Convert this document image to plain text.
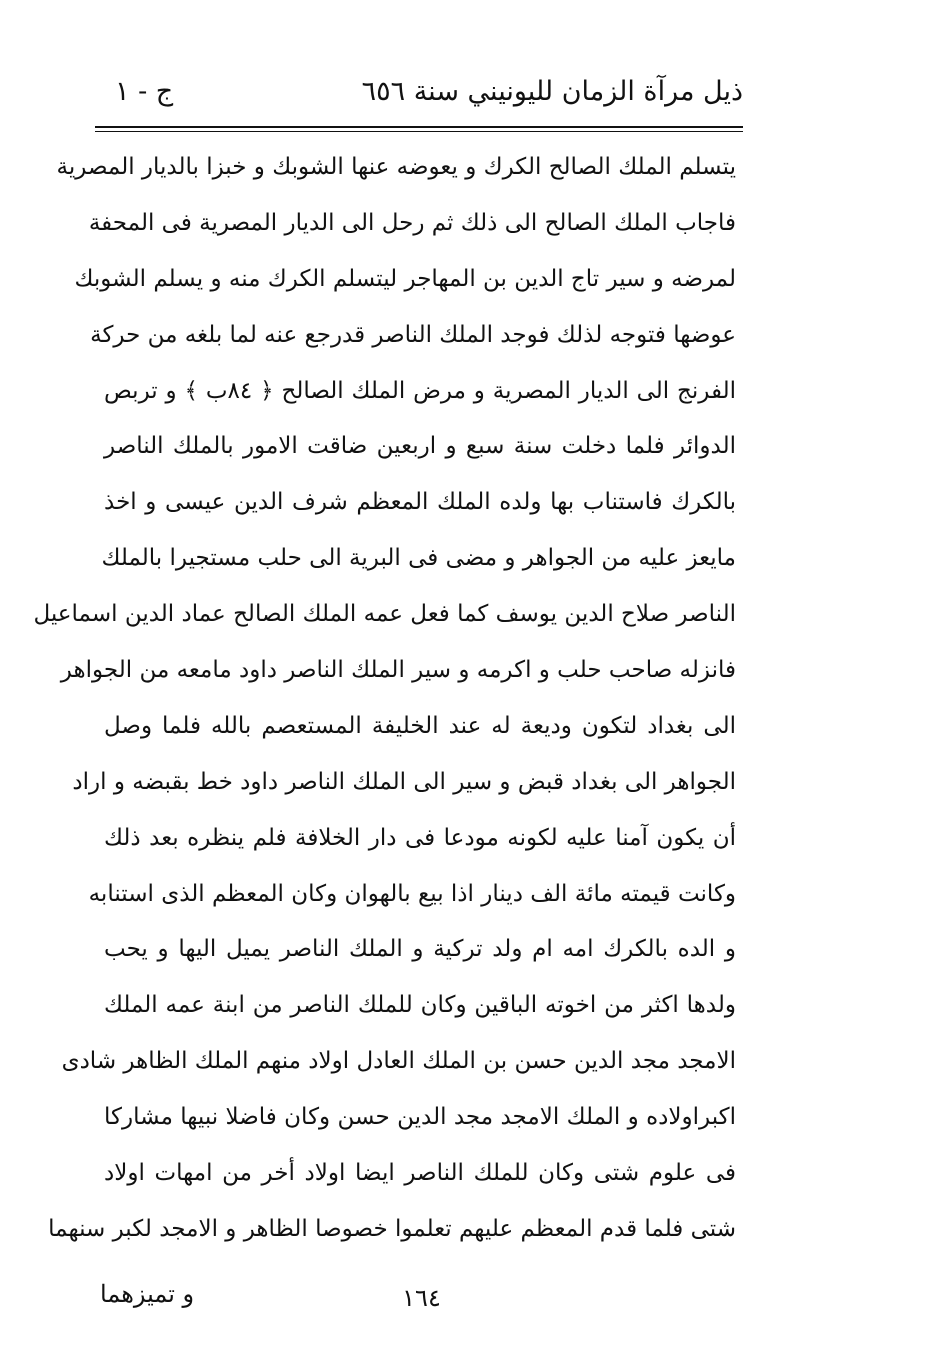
ذيل مرآة الزمان لليونيني سنة ٦٥٦
ج - ١
يتسلم الملك الصالح الكرك و يعوضه عنها الشوبك و خبزا بالديار المصرية
فاجاب الملك الصالح الى ذلك ثم رحل الى الديار المصرية فى المحفة
لمرضه و سير تاج الدين بن المهاجر ليتسلم الكرك منه و يسلم الشوبك
عوضها فتوجه لذلك فوجد الملك الناصر قدرجع عنه لما بلغه من حركة
الفرنج الى الديار المصرية و مرض الملك الصالح ﴿ ٨٤ب ﴾ و تربص
الدوائر فلما دخلت سنة سبع و اربعين ضاقت الامور بالملك الناصر
بالكرك فاستناب بها ولده الملك المعظم شرف الدين عيسى و اخذ
مايعز عليه من الجواهر و مضى فى البرية الى حلب مستجيرا بالملك
الناصر صلاح الدين يوسف كما فعل عمه الملك الصالح عماد الدين اسماعيل
فانزله صاحب حلب و اكرمه و سير الملك الناصر داود مامعه من الجواهر
الى بغداد لتكون وديعة له عند الخليفة المستعصم بالله فلما وصل
الجواهر الى بغداد قبض و سير الى الملك الناصر داود خط بقبضه و اراد
أن يكون آمنا عليه لكونه مودعا فى دار الخلافة فلم ينظره بعد ذلك
وكانت قيمته مائة الف دينار اذا بيع بالهوان وكان المعظم الذى استنابه
و الده بالكرك امه ام ولد تركية و الملك الناصر يميل اليها و يحب
ولدها اكثر من اخوته الباقين وكان للملك الناصر من ابنة عمه الملك
الامجد مجد الدين حسن بن الملك العادل اولاد منهم الملك الظاهر شادى
اكبراولاده و الملك الامجد مجد الدين حسن وكان فاضلا نبيها مشاركا
فى علوم شتى وكان للملك الناصر ايضا اولاد أخر من امهات اولاد
شتى فلما قدم المعظم عليهم تعلموا خصوصا الظاهر و الامجد لكبر سنهما
١٦٤
و تميزهما
